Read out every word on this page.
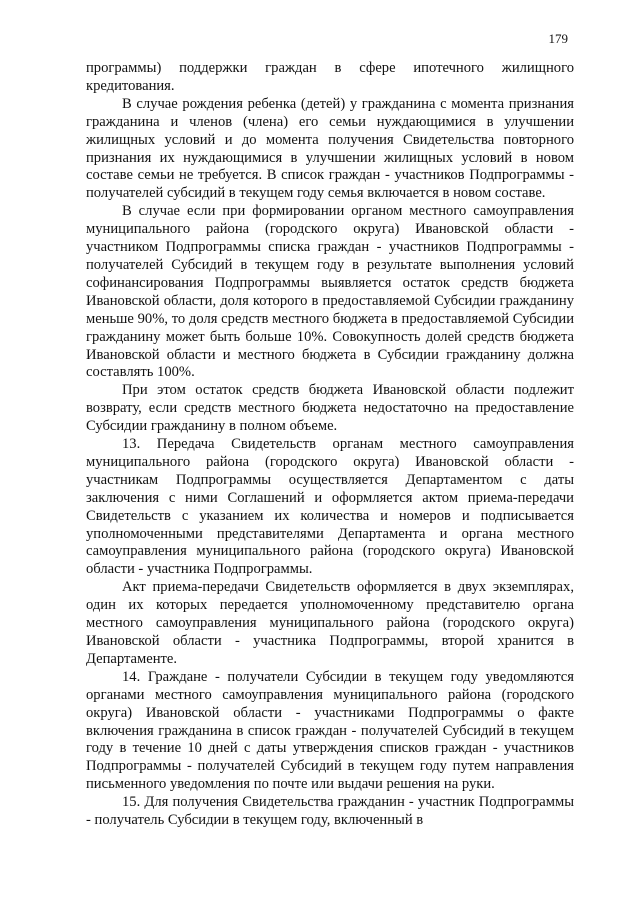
179

программы) поддержки граждан в сфере ипотечного жилищного кредитования.

В случае рождения ребенка (детей) у гражданина с момента признания гражданина и членов (члена) его семьи нуждающимися в улучшении жилищных условий и до момента получения Свидетельства повторного признания их нуждающимися в улучшении жилищных условий в новом составе семьи не требуется. В список граждан - участников Подпрограммы - получателей субсидий в текущем году семья включается в новом составе.

В случае если при формировании органом местного самоуправления муниципального района (городского округа) Ивановской области - участником Подпрограммы списка граждан - участников Подпрограммы - получателей Субсидий в текущем году в результате выполнения условий софинансирования Подпрограммы выявляется остаток средств бюджета Ивановской области, доля которого в предоставляемой Субсидии гражданину меньше 90%, то доля средств местного бюджета в предоставляемой Субсидии гражданину может быть больше 10%. Совокупность долей средств бюджета Ивановской области и местного бюджета в Субсидии гражданину должна составлять 100%.

При этом остаток средств бюджета Ивановской области подлежит возврату, если средств местного бюджета недостаточно на предоставление Субсидии гражданину в полном объеме.

13. Передача Свидетельств органам местного самоуправления муниципального района (городского округа) Ивановской области - участникам Подпрограммы осуществляется Департаментом с даты заключения с ними Соглашений и оформляется актом приема-передачи Свидетельств с указанием их количества и номеров и подписывается уполномоченными представителями Департамента и органа местного самоуправления муниципального района (городского округа) Ивановской области - участника Подпрограммы.

Акт приема-передачи Свидетельств оформляется в двух экземплярах, один их которых передается уполномоченному представителю органа местного самоуправления муниципального района (городского округа) Ивановской области - участника Подпрограммы, второй хранится в Департаменте.

14. Граждане - получатели Субсидии в текущем году уведомляются органами местного самоуправления муниципального района (городского округа) Ивановской области - участниками Подпрограммы о факте включения гражданина в список граждан - получателей Субсидий в текущем году в течение 10 дней с даты утверждения списков граждан - участников Подпрограммы - получателей Субсидий в текущем году путем направления письменного уведомления по почте или выдачи решения на руки.

15. Для получения Свидетельства гражданин - участник Подпрограммы - получатель Субсидии в текущем году, включенный в
